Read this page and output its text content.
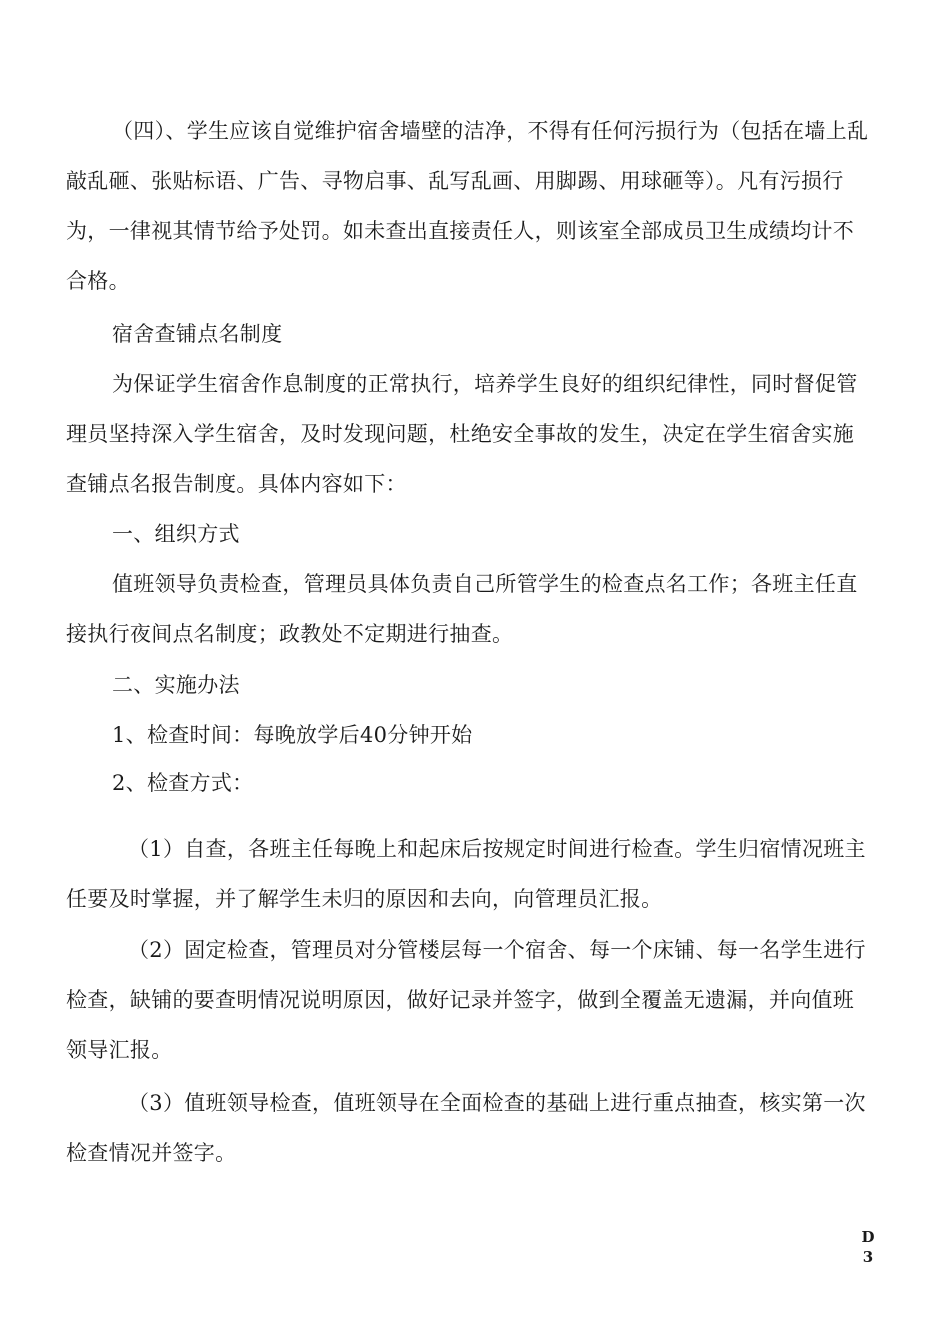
（四）、学生应该自觉维护宿舍墙壁的洁净，不得有任何污损行为（包括在墙上乱敲乱砸、张贴标语、广告、寻物启事、乱写乱画、用脚踢、用球砸等）。凡有污损行为，一律视其情节给予处罚。如未查出直接责任人，则该室全部成员卫生成绩均计不合格。

宿舍查铺点名制度

为保证学生宿舍作息制度的正常执行，培养学生良好的组织纪律性，同时督促管理员坚持深入学生宿舍，及时发现问题，杜绝安全事故的发生，决定在学生宿舍实施查铺点名报告制度。具体内容如下：

一、组织方式

值班领导负责检查，管理员具体负责自己所管学生的检查点名工作；各班主任直接执行夜间点名制度；政教处不定期进行抽查。

二、实施办法

1、检查时间：每晚放学后40分钟开始

2、检查方式：

（1）自查，各班主任每晚上和起床后按规定时间进行检查。学生归宿情况班主任要及时掌握，并了解学生未归的原因和去向，向管理员汇报。

（2）固定检查，管理员对分管楼层每一个宿舍、每一个床铺、每一名学生进行检查，缺铺的要查明情况说明原因，做好记录并签字，做到全覆盖无遗漏，并向值班领导汇报。

（3）值班领导检查，值班领导在全面检查的基础上进行重点抽查，核实第一次检查情况并签字。

D
3
